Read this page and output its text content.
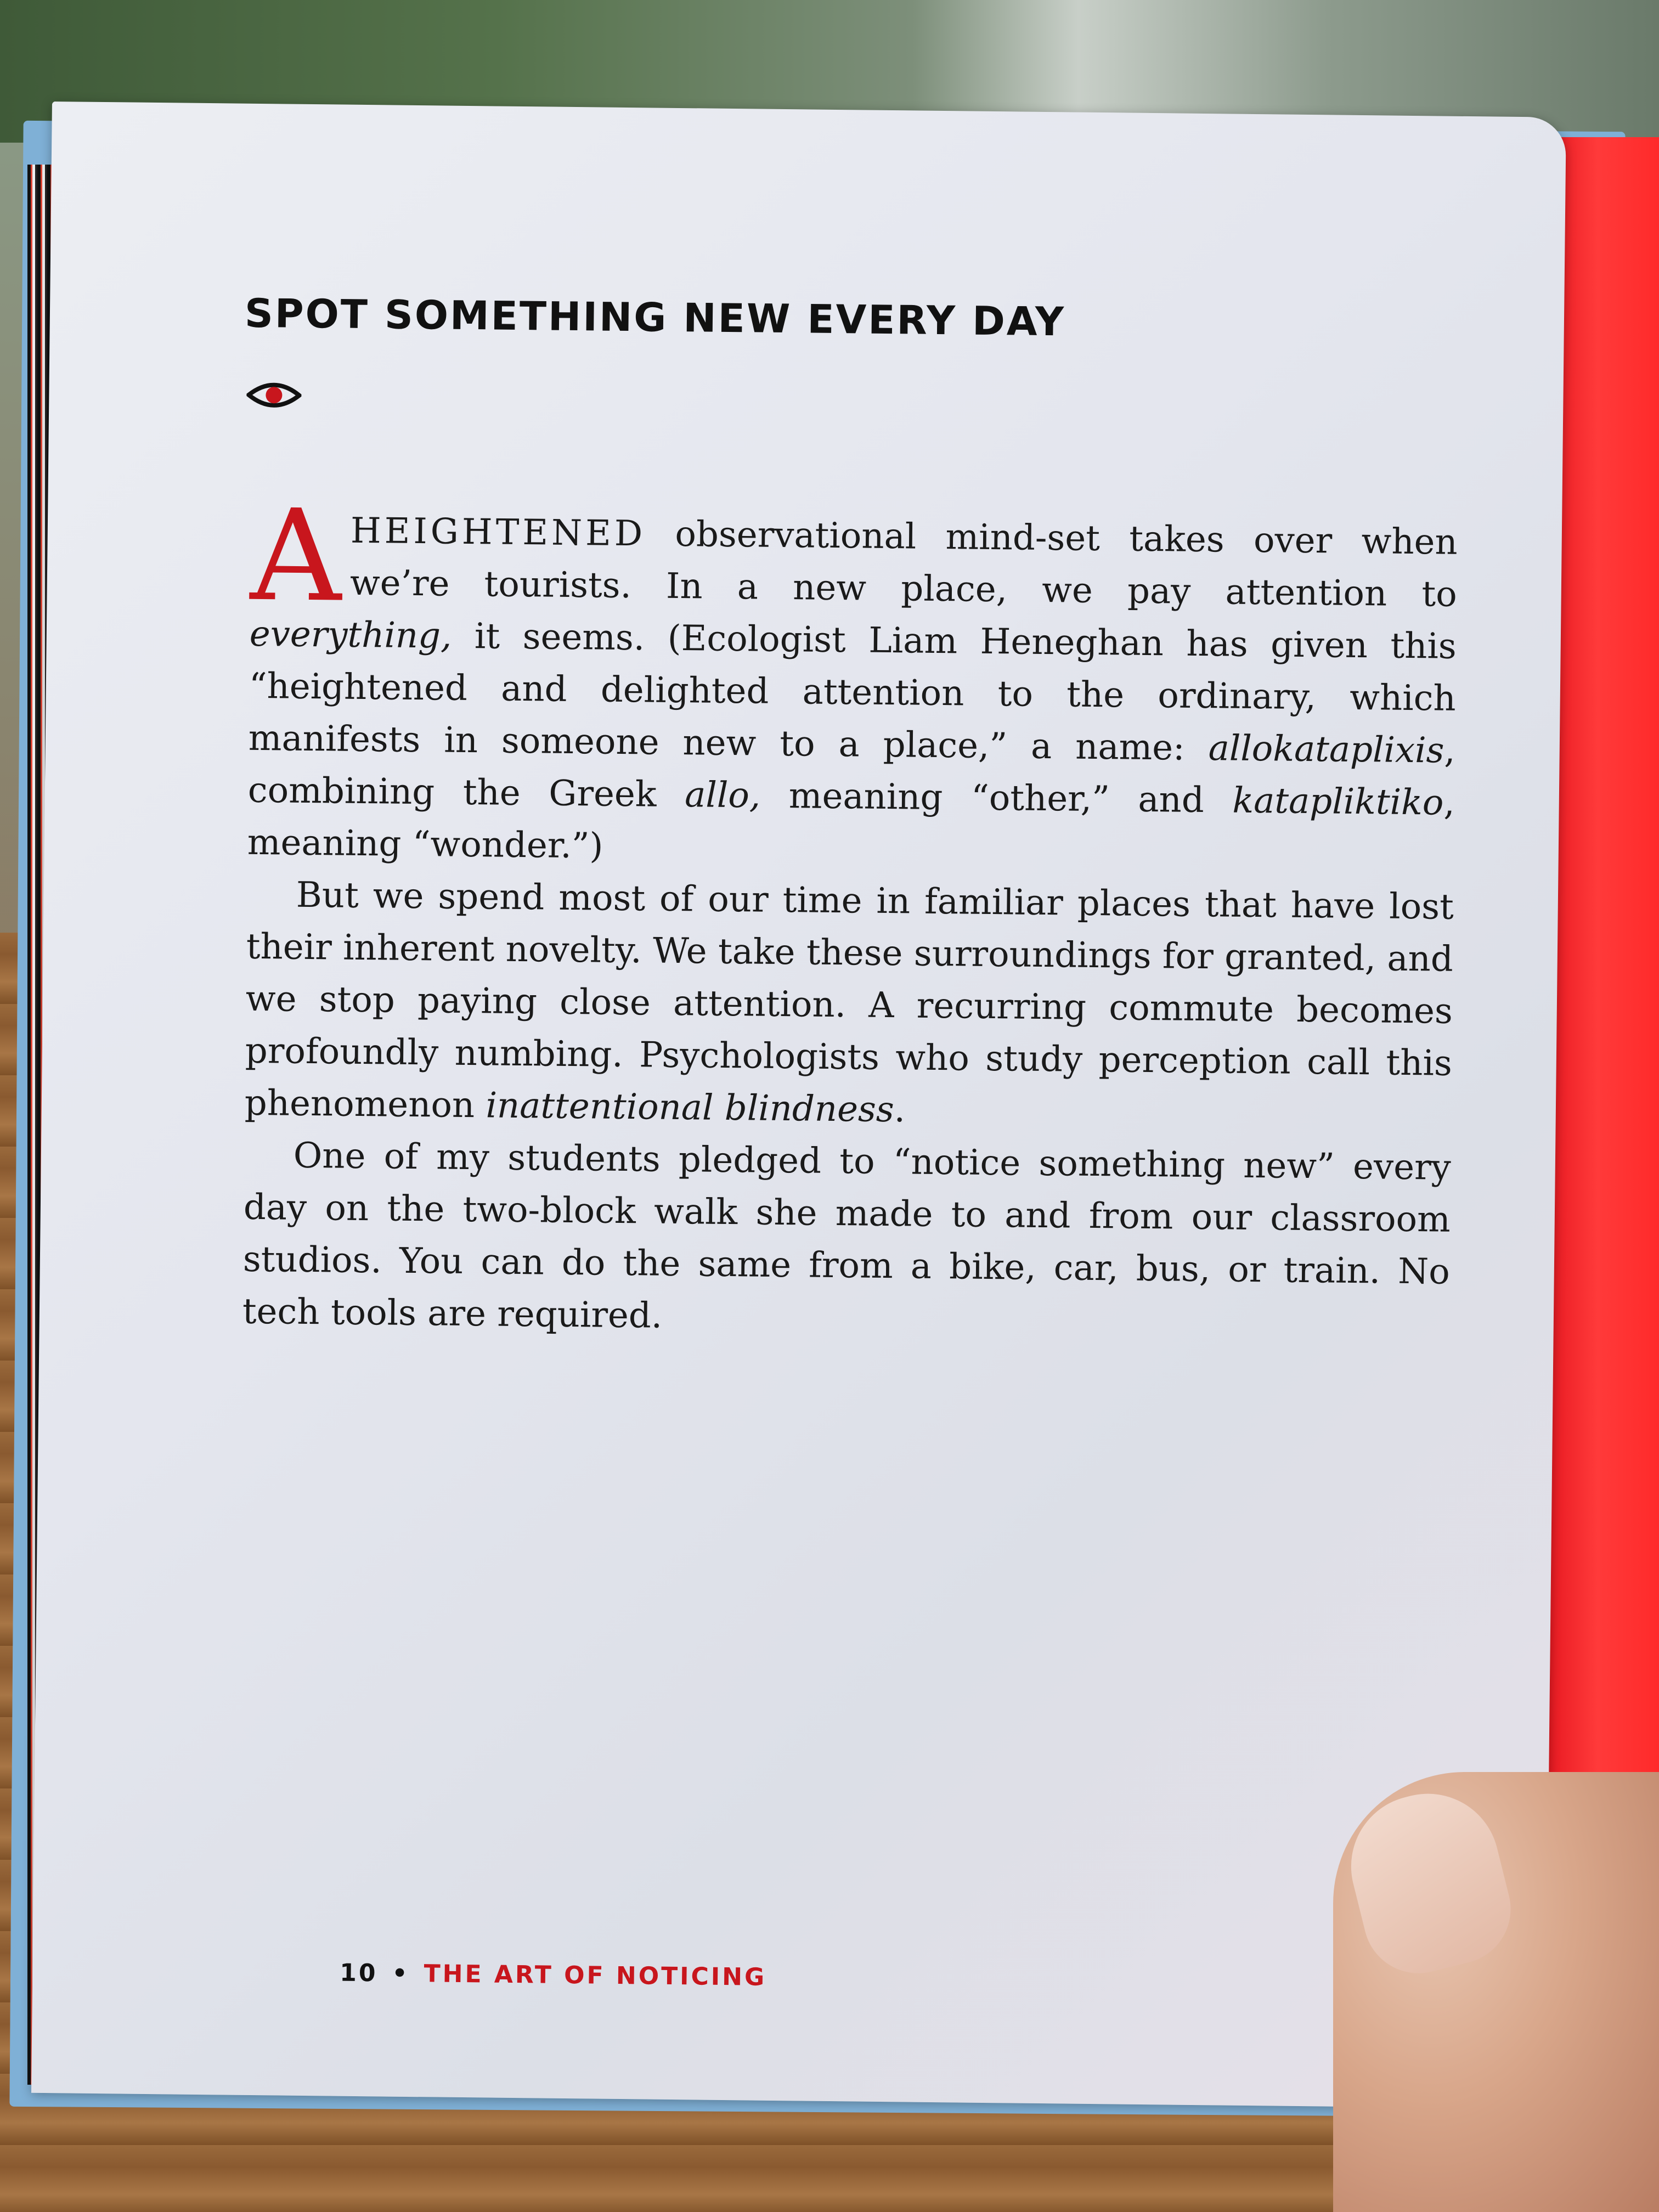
SPOT SOMETHING NEW EVERY DAY

AHEIGHTENED observational mind-set takes over when we’re tourists. In a new place, we pay attention to everything, it seems. (Ecologist Liam Heneghan has given this “heightened and delighted attention to the ordinary, which manifests in someone new to a place,” a name: allokataplixis, combining the Greek allo, meaning “other,” and katapliktiko, meaning “wonder.”)

But we spend most of our time in familiar places that have lost their inherent novelty. We take these surroundings for granted, and we stop paying close attention. A recurring commute becomes profoundly numbing. Psychologists who study perception call this phenomenon inattentional blindness.

One of my students pledged to “notice something new” every day on the two-block walk she made to and from our classroom studios. You can do the same from a bike, car, bus, or train. No tech tools are required.

10 • THE ART OF NOTICING
